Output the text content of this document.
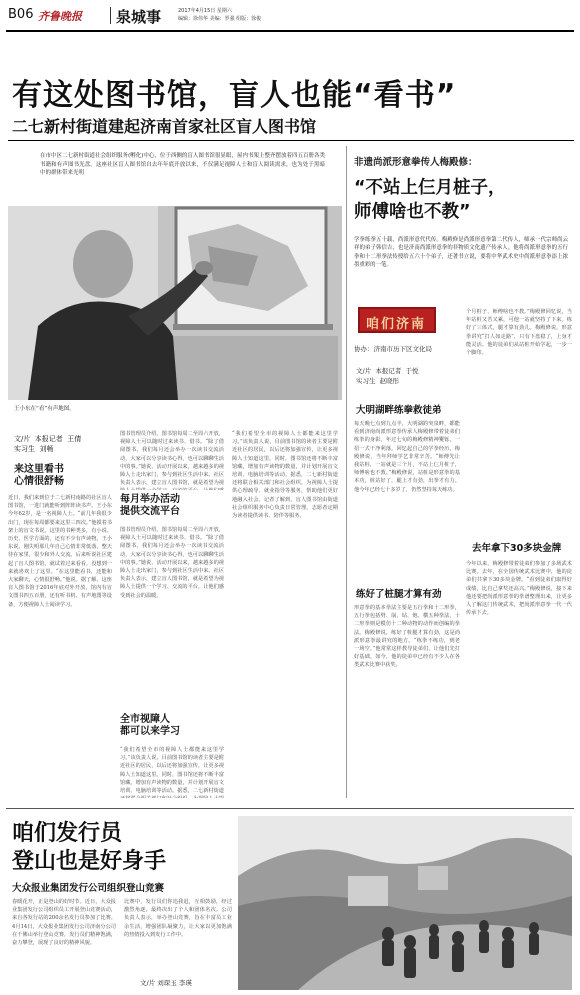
B06 齐鲁晚报 泉城事	2017年4月15日 星期六
编辑：徐伟华 美编：罗强 组版：徐俊
有这处图书馆，盲人也能“看书”
二七新村街道建起济南首家社区盲人图书馆
在市中区二七新村街道社会组织服务(孵化)中心，位于西侧的盲人图书馆很显眼，屋内书架上整齐摆放着四五百册各类书籍和有声图书光盘。这座社区盲人图书馆自去年年底开放以来，不仅满足视障人士和盲人阅读需求，也为处于黑暗中的群体带来光明
王小东在“看”有声地图。
文/片  本报记者  王倩
实习生  刘畅
来这里看书
心情很舒畅
近日，我们来到位于二七新村南路的社区盲人图书馆，一进门就能听到阵阵读书声。王小东今年62岁，是一名视障人士。“前几年我很少出门，现在每周都要来这里三四次。”他摸着书架上的盲文书说，这里的书种类多，有小说、历史、医学方面的，还有不少有声读物。王小东说，刚失明那几年自己心情非常低落，整天待在家里，很少和外人交流。后来听说社区建起了盲人图书馆，就试着过来看看，没想到一来就喜欢上了这里。“在这里能看书，还能和大家聊天，心情很舒畅。”他说。据了解，这座盲人图书馆于2016年底对外开放，馆内有盲文图书四五百册，还有听书机、有声地图等设备，方便视障人士阅读学习。
图书管理员介绍，图书馆每周二至周六开放，视障人士可以随时过来读书、借书。“除了借阅图书，我们每月还会举办一次读书交流活动，大家可以分享读书心得，也可以聊聊生活中的事。”她说，活动开展以来，越来越多的视障人士走出家门，参与到社区生活中来。社区负责人表示，建立盲人图书馆，就是希望为视
每月举办活动
提供交流平台
图书管理员介绍，图书馆每周二至周六开放，视障人士可以随时过来读书、借书。“除了借阅图书，我们每月还会举办一次读书交流活动，大家可以分享读书心得，也可以聊聊生活中的事。”她说，活动开展以来，越来越多的视障人士走出家门，参与到社区生活中来。社区负责人表示，建立盲人图书馆，就是希望为视障人士提供一个学习、交流的平台，让他们感受到社会的温暖。
全市视障人
都可以来学习
“我们希望全市的视障人士都能来这里学习。”该负责人说，目前图书馆的读者主要是附近社区的居民，以后还将加强宣传，让更多视障人士知道这里。同时，图书馆还将不断丰富馆藏，增加有声读物的数量，并计划开展盲文培训、电脑培训等活动。据悉，二七新村街道
“我们希望全市的视障人士都能来这里学习。”该负责人说，目前图书馆的读者主要是附近社区的居民，以后还将加强宣传，让更多视障人士知道这里。同时，图书馆还将不断丰富馆藏，增加有声读物的数量，并计划开展盲文培训、电脑培训等活动。据悉，二七新村街道还将联合相关部门和社会组织，为视障人士提供心理疏导、就业指导等服务，帮助他们更好地融入社会。记者了解到，盲人图书馆由街道社会组织服务中心负责日常管理，志愿者定期为读者提供读书、陪伴等服务。
非遗尚派形意拳传人梅殿修：
“不站上仨月桩子，
师傅啥也不教”
学拳练拳五十载，尚派形意代代传。梅殿修是尚派形意拳第二代传人，师承一代宗师尚云祥的弟子韩信吉，也是济南尚派形意拳的非物质文化遗产传承人。他将尚派形意拳的五行拳和十二形拳法传授给五六十个弟子，还著书立说，要将中华武术史中尚派形意拳添上浓墨重彩的一笔。
咱们济南
协办：济南市历下区文化局
文/片  本报记者  于悦
实习生  赵晓彤
大明湖畔练拳救徒弟
每天晚七点到九点半，大明湖趵突泉畔，都能看到济南尚派形意拳传承人梅殿修带着徒弟们练拳的身影。年过七旬的梅殿修精神矍铄，一招一式干净利落。回忆起自己的学拳经历，梅殿修说，当年拜师学艺非常辛苦。“师傅先让我站桩，一站就是三个月，不站上仨月桩子，师傅啥也不教。”梅殿修说，站桩是形意拳的基本功，桩站好了，腿上才有劲，出拳才有力。他今年已经七十多岁了，仍然坚持每天练功。
练好了桩腿才算有劲
形意拳的基本拳法主要是五行拳和十二形拳，五行拳包括劈、崩、钻、炮、横五种拳法，十二形拳则是模仿十二种动物的动作而创编的拳法。梅殿修说，练好了桩腿才算有劲，这是尚派形意拳最讲究的地方。“练拳不练功，到老一场空。”他常常这样教导徒弟们，让他们先打好基础。如今，他的徒弟中已经有不少人在各类武术比赛中获奖。
个月桩子，师傅啥也不教。”梅殿修回忆说，当年站桩又苦又累，可他一站就坚持了下来。练好了三体式，腿才算有劲儿。梅殿修说，形意拳讲究“打人如走路”，只有下盘稳了，上身才能灵活。他的徒弟们从站桩开始学起，一步一个脚印。
去年拿下30多块金牌
今年以来，梅殿修带着徒弟们参加了多场武术比赛。去年，在全国传统武术比赛中，他的徒弟们共拿下30多块金牌。“看到徒弟们取得好成绩，比自己拿奖还高兴。”梅殿修说，接下来他还要把尚派形意拳的拳谱整理出来，让更多人了解这门传统武术，把尚派形意拳一代一代传承下去。
咱们发行员
登山也是好身手
大众报业集团发行公司组织登山竞赛
春暖花开，正是登山的好时节。近日，大众报业集团发行公司组织员工开展登山竞赛活动，来自各发行站的200余名发行员参加了比赛。4月14日，大众报业集团发行公司济南分公司在千佛山举行登山竞赛，发行员们精神饱满，奋力攀登，展现了良好的精神风貌。
比赛中，发行员们你追我赶，互相鼓励，经过激烈角逐，最终决出了个人和团体名次。公司负责人表示，举办登山竞赛，旨在丰富员工业余生活，增强团队凝聚力，让大家以更加饱满的热情投入到发行工作中。
文/片 刘琛玉 李瑛
